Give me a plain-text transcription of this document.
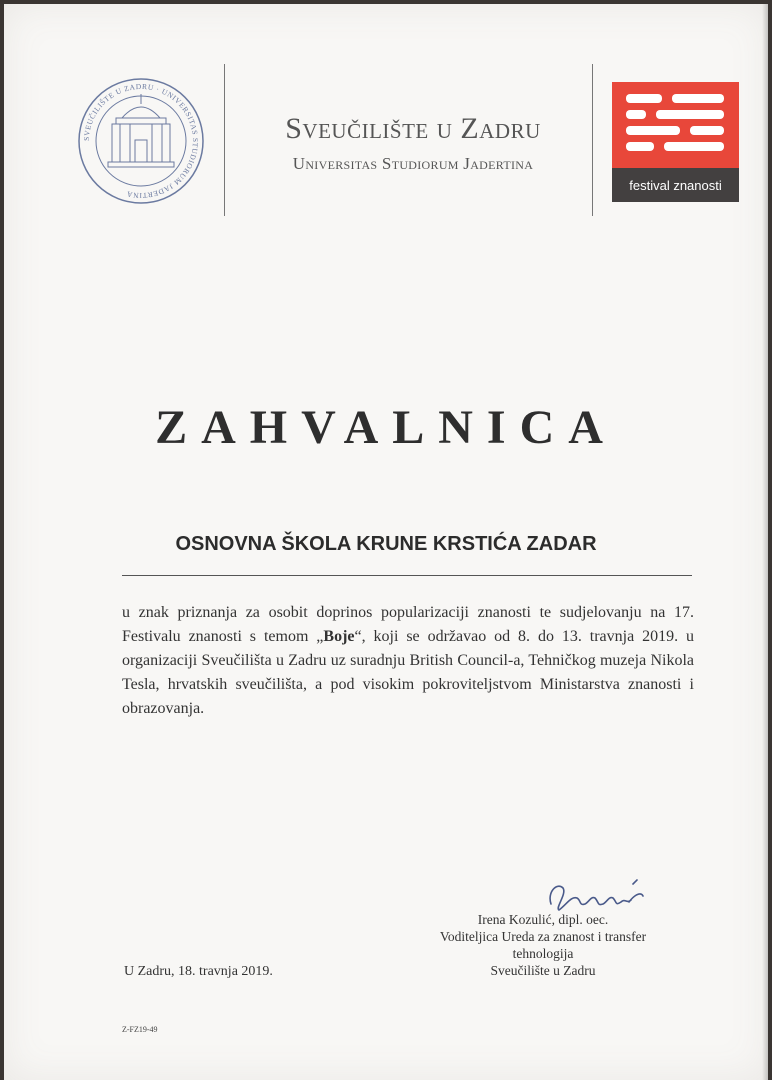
SVEUČILIŠTE U ZADRU · UNIVERSITAS STUDIORUM JADERTINA
Sveučilište u Zadru
Universitas Studiorum Jadertina
festival znanosti
ZAHVALNICA
OSNOVNA ŠKOLA KRUNE KRSTIĆA ZADAR
u znak priznanja za osobit doprinos popularizaciji znanosti te sudjelovanju na 17. Festivalu znanosti s temom „Boje“, koji se održavao od 8. do 13. travnja 2019. u organizaciji Sveučilišta u Zadru uz suradnju British Council-a, Tehničkog muzeja Nikola Tesla, hrvatskih sveučilišta, a pod visokim pokroviteljstvom Ministarstva znanosti i obrazovanja.
Irena Kozulić, dipl. oec.
Voditeljica Ureda za znanost i transfer tehnologija
Sveučilište u Zadru
U Zadru, 18. travnja 2019.
Z-FZ19-49
